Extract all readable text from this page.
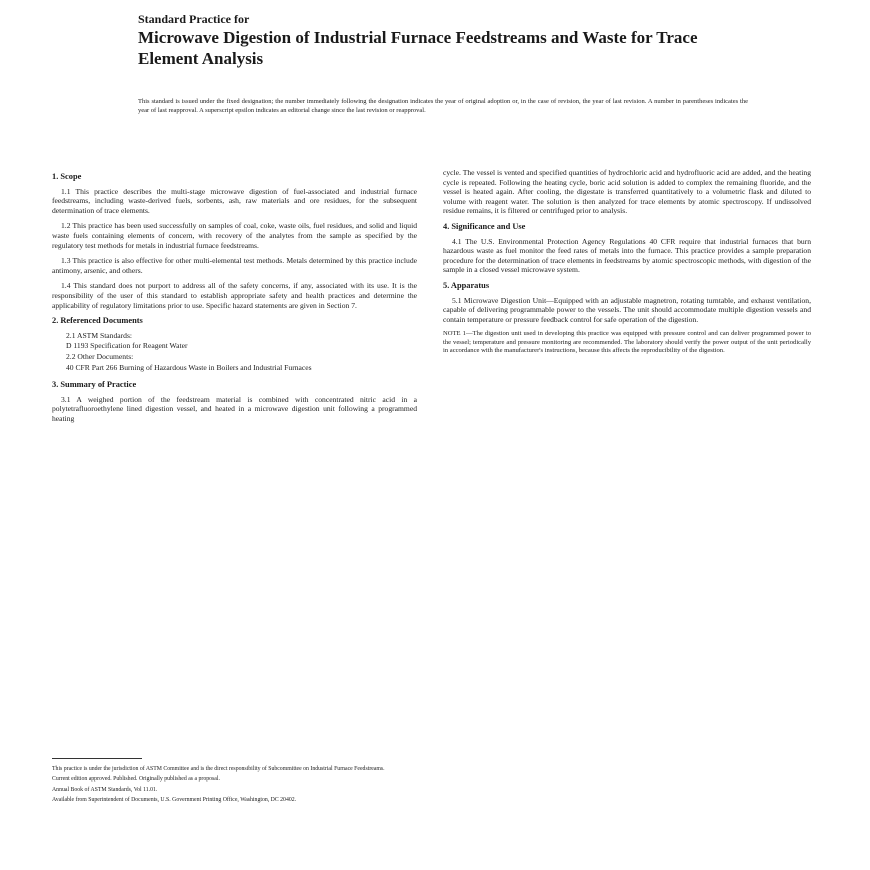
Standard Practice for
Microwave Digestion of Industrial Furnace Feedstreams and Waste for Trace Element Analysis
This standard is issued under the fixed designation; the number immediately following the designation indicates the year of original adoption or, in the case of revision, the year of last revision. A number in parentheses indicates the year of last reapproval. A superscript epsilon indicates an editorial change since the last revision or reapproval.
1. Scope

1.1 This practice describes the multi-stage microwave digestion of fuel-associated and industrial furnace feedstreams, including waste-derived fuels, sorbents, ash, raw materials and ore residues, for the subsequent determination of trace elements.

1.2 This practice has been used successfully on samples of coal, coke, waste oils, fuel residues, and solid and liquid waste fuels containing elements of concern, with recovery of the analytes from the sample as specified by the regulatory test methods for metals in industrial furnace feedstreams.

1.3 This practice is also effective for other multi-elemental test methods. Metals determined by this practice include antimony, arsenic, and others.

1.4 This standard does not purport to address all of the safety concerns, if any, associated with its use. It is the responsibility of the user of this standard to establish appropriate safety and health practices and determine the applicability of regulatory limitations prior to use. Specific hazard statements are given in Section 7.

2. Referenced Documents
2.1 ASTM Standards:
D 1193 Specification for Reagent Water
2.2 Other Documents:
40 CFR Part 266 Burning of Hazardous Waste in Boilers and Industrial Furnaces
3. Summary of Practice

3.1 A weighed portion of the feedstream material is combined with concentrated nitric acid in a polytetrafluoroethylene lined digestion vessel, and heated in a microwave digestion unit following a programmed heating

This practice is under the jurisdiction of ASTM Committee and is the direct responsibility of Subcommittee on Industrial Furnace Feedstreams.

Current edition approved. Published. Originally published as a proposal.

Annual Book of ASTM Standards, Vol 11.01.

Available from Superintendent of Documents, U.S. Government Printing Office, Washington, DC 20402.

cycle. The vessel is vented and specified quantities of hydrochloric acid and hydrofluoric acid are added, and the heating cycle is repeated. Following the heating cycle, boric acid solution is added to complex the remaining fluoride, and the vessel is heated again. After cooling, the digestate is transferred quantitatively to a volumetric flask and diluted to volume with reagent water. The solution is then analyzed for trace elements by atomic spectroscopy. If undissolved residue remains, it is filtered or centrifuged prior to analysis.

4. Significance and Use

4.1 The U.S. Environmental Protection Agency Regulations 40 CFR require that industrial furnaces that burn hazardous waste as fuel monitor the feed rates of metals into the furnace. This practice provides a sample preparation procedure for the determination of trace elements in feedstreams by atomic spectroscopic methods, with digestion of the sample in a closed vessel microwave system.

5. Apparatus

5.1 Microwave Digestion Unit—Equipped with an adjustable magnetron, rotating turntable, and exhaust ventilation, capable of delivering programmable power to the vessels. The unit should accommodate multiple digestion vessels and contain temperature or pressure feedback control for safe operation of the digestion.

NOTE 1—The digestion unit used in developing this practice was equipped with pressure control and can deliver programmed power to the vessel; temperature and pressure monitoring are recommended. The laboratory should verify the power output of the unit periodically in accordance with the manufacturer's instructions, because this affects the reproducibility of the digestion.
